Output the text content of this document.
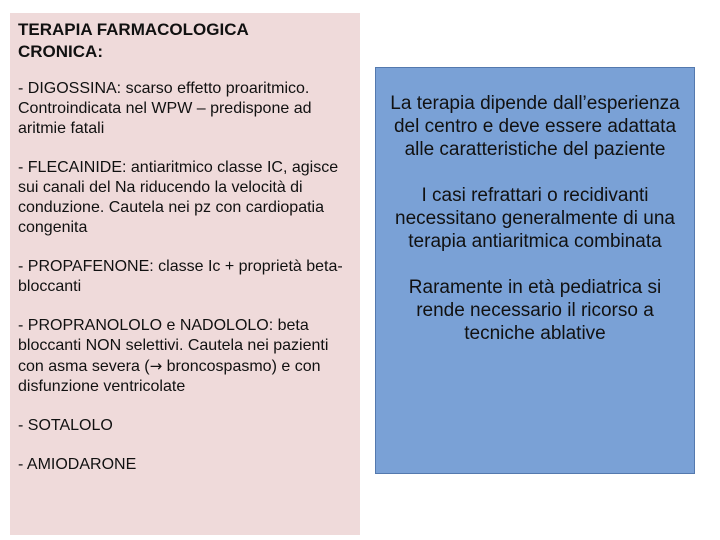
TERAPIA FARMACOLOGICA
CRONICA:
- DIGOSSINA: scarso effetto proaritmico. Controindicata nel WPW – predispone ad aritmie fatali
- FLECAINIDE: antiaritmico classe IC, agisce sui canali del Na riducendo la velocità di conduzione. Cautela nei pz con cardiopatia congenita
- PROPAFENONE: classe Ic + proprietà beta-bloccanti
- PROPRANOLOLO e NADOLOLO: beta bloccanti NON selettivi. Cautela nei pazienti con asma severa (→ broncospasmo) e con disfunzione ventricolate
- SOTALOLO
- AMIODARONE

La terapia dipende dall’esperienza del centro e deve essere adattata alle caratteristiche del paziente

I casi refrattari o recidivanti necessitano generalmente di una terapia antiaritmica combinata

Raramente in età pediatrica si rende necessario il ricorso a tecniche ablative
